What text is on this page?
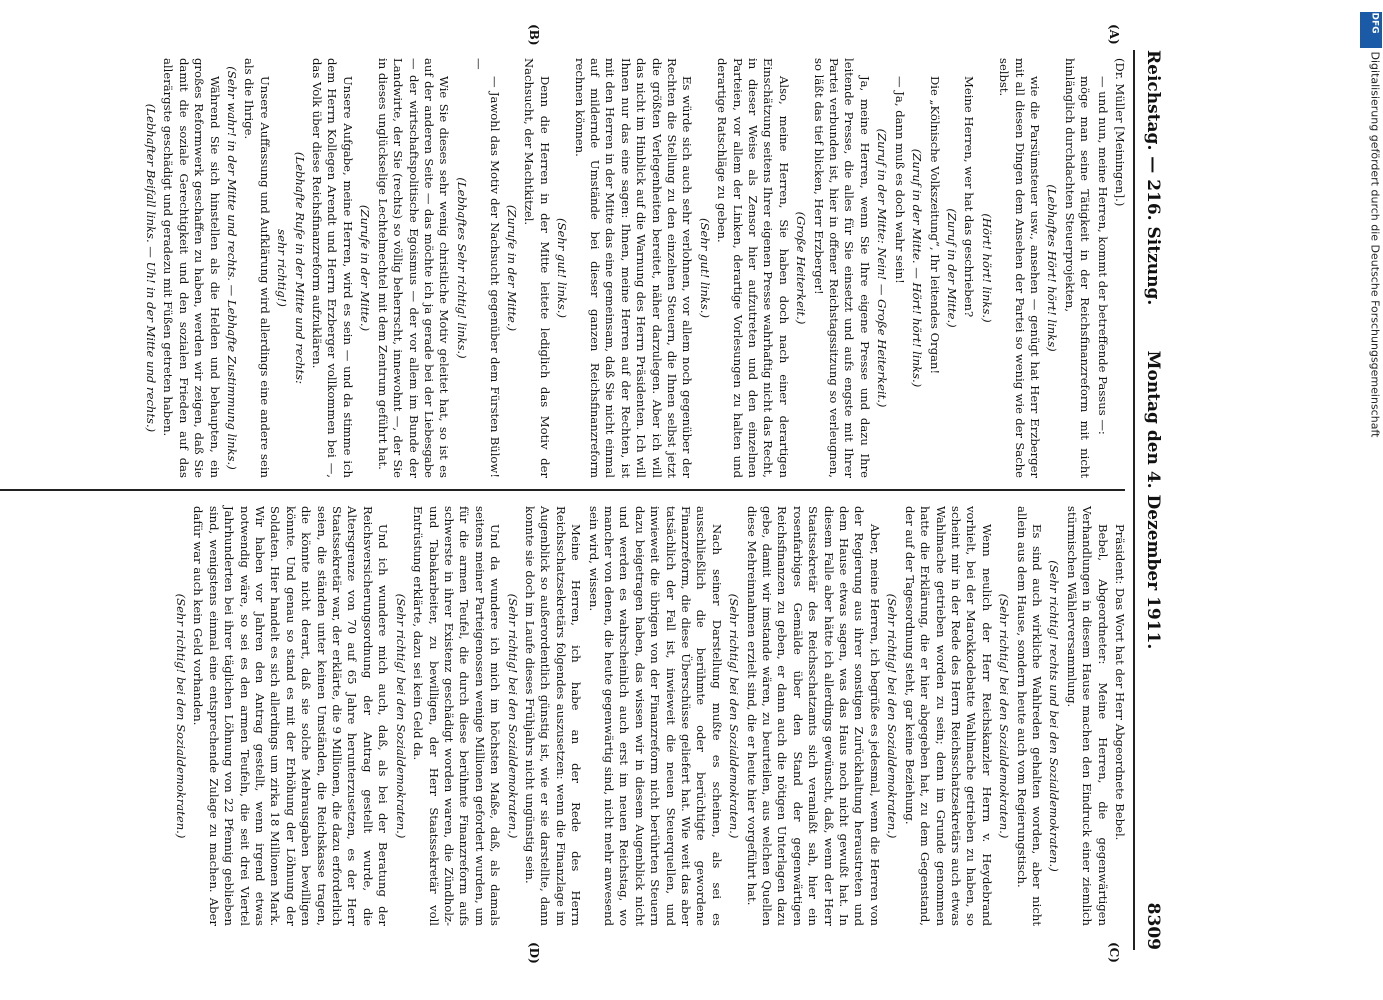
Reichstag. — 216. Sitzung.
Montag den 4. Dezember 1911.
8309
(A)
(B)
(C)
(D)

(Dr. Müller [Meiningen].)

— und nun, meine Herren, kommt der betreffende Passus —:

möge man seine Tätigkeit in der Reichsfinanzreform mit nicht hinlänglich durchdachten Steuerprojekten,

(Lebhaftes Hört! hört! links)

wie die Parsümsteuer usw., ansehen — genügt hat Herr Erzberger mit all diesen Dingen dem Ansehen der Partei so wenig wie der Sache selbst.

(Hört! hört! links.)

Meine Herren, wer hat das geschrieben?

(Zuruf in der Mitte.)

Die „Kölnische Volkszeitung“, Ihr leitendes Organ!

(Zuruf in der Mitte. — Hört! hört! links.)

— Ja, dann muß es doch wahr sein!

(Zuruf in der Mitte: Nein! — Große Heiterkeit.)

Ja, meine Herren, wenn Sie Ihre eigene Presse und dazu Ihre leitende Presse, die alles für Sie einsetzt und aufs engste mit Ihrer Partei verbunden ist, hier in offener Reichstagssitzung so verleugnen, so läßt das tief blicken, Herr Erzberger!

(Große Heiterkeit.)

Also, meine Herren, Sie haben doch nach einer derartigen Einschätzung seitens Ihrer eigenen Presse wahrhaftig nicht das Recht, in dieser Weise als Zensor hier aufzutreten und den einzelnen Parteien, vor allem der Linken, derartige Vorlesungen zu halten und derartige Ratschläge zu geben.

(Sehr gut! links.)

Es würde sich auch sehr verlohnen, vor allem noch gegenüber der Rechten die Stellung zu den einzelnen Steuern, die Ihnen selbst jetzt die größten Verlegenheiten bereitet, näher darzulegen. Aber ich will das nicht im Hinblick auf die Warnung des Herrn Präsidenten. Ich will Ihnen nur das eine sagen: Ihnen, meine Herren auf der Rechten, ist mit den Herren in der Mitte das eine gemeinsam, daß Sie nicht einmal auf mildernde Umstände bei dieser ganzen Reichsfinanzreform rechnen können.

(Sehr gut! links.)

Denn die Herren in der Mitte leitete lediglich das Motiv der Nachsucht, der Machtkitzel.

(Zurufe in der Mitte.)

— Jawohl das Motiv der Nachsucht gegenüber dem Fürsten Bülow! —

(Lebhaftes Sehr richtig! links.)

Wie Sie dieses sehr wenig christliche Motiv geleitet hat, so ist es auf der anderen Seite — das möchte ich ja gerade bei der Liebesgabe — der wirtschaftspolitische Egoismus — der vor allem im Bunde der Landwirte, der Sie (rechts) so völlig beherrscht, innewohnt —, der Sie in dieses unglückselige Lechtelmechtel mit dem Zentrum geführt hat.

(Zurufe in der Mitte.)

Unsere Aufgabe, meine Herren, wird es sein — und da stimme ich dem Herrn Kollegen Arendt und Herrn Erzberger vollkommen bei —, das Volk über diese Reichsfinanzreform aufzuklären.

(Lebhafte Rufe in der Mitte und rechts:

sehr richtig!)

Unsere Auffassung und Aufklärung wird allerdings eine andere sein als die Ihrige.

(Sehr wahr! in der Mitte und rechts. — Lebhafte Zustimmung links.)

Während Sie sich hinstellen als die Helden und behaupten, ein großes Reformwerk geschaffen zu haben, werden wir zeigen, daß Sie damit die soziale Gerechtigkeit und den sozialen Frieden auf das allerärgste geschädigt und geradezu mit Füßen getreten haben.

(Lebhafter Beifall links. — Uh! in der Mitte und rechts.)

Präsident: Das Wort hat der Herr Abgeordnete Bebel.

Bebel, Abgeordneter: Meine Herren, die gegenwärtigen Verhandlungen in diesem Hause machen den Eindruck einer ziemlich stürmischen Wählerversammlung.

(Sehr richtig! rechts und bei den Sozialdemokraten.)

Es sind auch wirkliche Wahlreden gehalten worden, aber nicht allein aus dem Hause, sondern heute auch vom Regierungstisch.

(Sehr richtig! bei den Sozialdemokraten.)

Wenn neulich der Herr Reichskanzler Herrn v. Heydebrand vorhielt, bei der Marokkodebatte Wahlmache getrieben zu haben, so scheint mir in der Rede des Herrn Reichsschatzsekretärs auch etwas Wahlmache getrieben worden zu sein; denn im Grunde genommen hatte die Erklärung, die er hier abgegeben hat, zu dem Gegenstand, der auf der Tagesordnung steht, gar keine Beziehung.

(Sehr richtig! bei den Sozialdemokraten.)

Aber, meine Herren, ich begrüße es jedesmal, wenn die Herren von der Regierung aus ihrer sonstigen Zurückhaltung heraustreten und dem Hause etwas sagen, was das Haus noch nicht gewußt hat. In diesem Falle aber hätte ich allerdings gewünscht, daß, wenn der Herr Staatssekretär des Reichsschatzamts sich veranlaßt sah, hier ein rosenfarbiges Gemälde über den Stand der gegenwärtigen Reichsfinanzen zu geben, er dann auch die nötigen Unterlagen dazu gebe, damit wir imstande wären, zu beurteilen, aus welchen Quellen diese Mehreinnahmen erzielt sind, die er heute hier vorgeführt hat.

(Sehr richtig! bei den Sozialdemokraten.)

Nach seiner Darstellung mußte es scheinen, als sei es ausschließlich die berühmte oder berüchtigte gewordene Finanzreform, die diese Überschüsse geliefert hat. Wie weit das aber tatsächlich der Fall ist, inwieweit die neuen Steuerquellen, und inwieweit die übrigen von der Finanzreform nicht berührten Steuern dazu beigetragen haben, das wissen wir in diesem Augenblick nicht und werden es wahrscheinlich auch erst im neuen Reichstag, wo mancher von denen, die heute gegenwärtig sind, nicht mehr anwesend sein wird, wissen.

Meine Herren, ich habe an der Rede des Herrn Reichsschatzsekretärs folgendes auszusetzen: wenn die Finanzlage im Augenblick so außerordentlich günstig ist, wie er sie darstellte, dann konnte sie doch im Laufe dieses Frühjahrs nicht ungünstig sein.

(Sehr richtig! bei den Sozialdemokraten.)

Und da wundere ich mich im höchsten Maße, daß, als damals seitens meiner Parteigenossen wenige Millionen gefordert wurden, um für die armen Teufel, die durch diese berühmte Finanzreform aufs schwerste in ihrer Existenz geschädigt worden waren, die Zündholz- und Tabakarbeiter, zu bewilligen, der Herr Staatssekretär voll Entrüstung erklärte, dazu sei kein Geld da.

(Sehr richtig! bei den Sozialdemokraten.)

Und ich wundere mich auch, daß, als bei der Beratung der Reichsversicherungsordnung der Antrag gestellt wurde, die Altersgrenze von 70 auf 65 Jahre herunterzusetzen, es der Herr Staatssekretär war, der erklärte, die 9 Millionen, die dazu erforderlich seien, die ständen unter keinen Umständen, die Reichskasse tragen, die könnte nicht derart, daß sie solche Mehrausgaben bewilligen könnte. Und genau so stand es mit der Erhöhung der Löhnung der Soldaten. Hier handelt es sich allerdings um zirka 18 Millionen Mark. Wir haben vor Jahren den Antrag gestellt, wenn irgend etwas notwendig wäre, so sei es den armen Teufeln, die seit drei Viertel Jahrhunderten bei ihrer täglichen Löhnung von 22 Pfennig geblieben sind, wenigstens einmal eine entsprechende Zulage zu machen. Aber dafür war auch kein Geld vorhanden.

(Sehr richtig! bei den Sozialdemokraten.)

DFG
Digitalisierung gefördert durch die Deutsche Forschungsgemeinschaft
